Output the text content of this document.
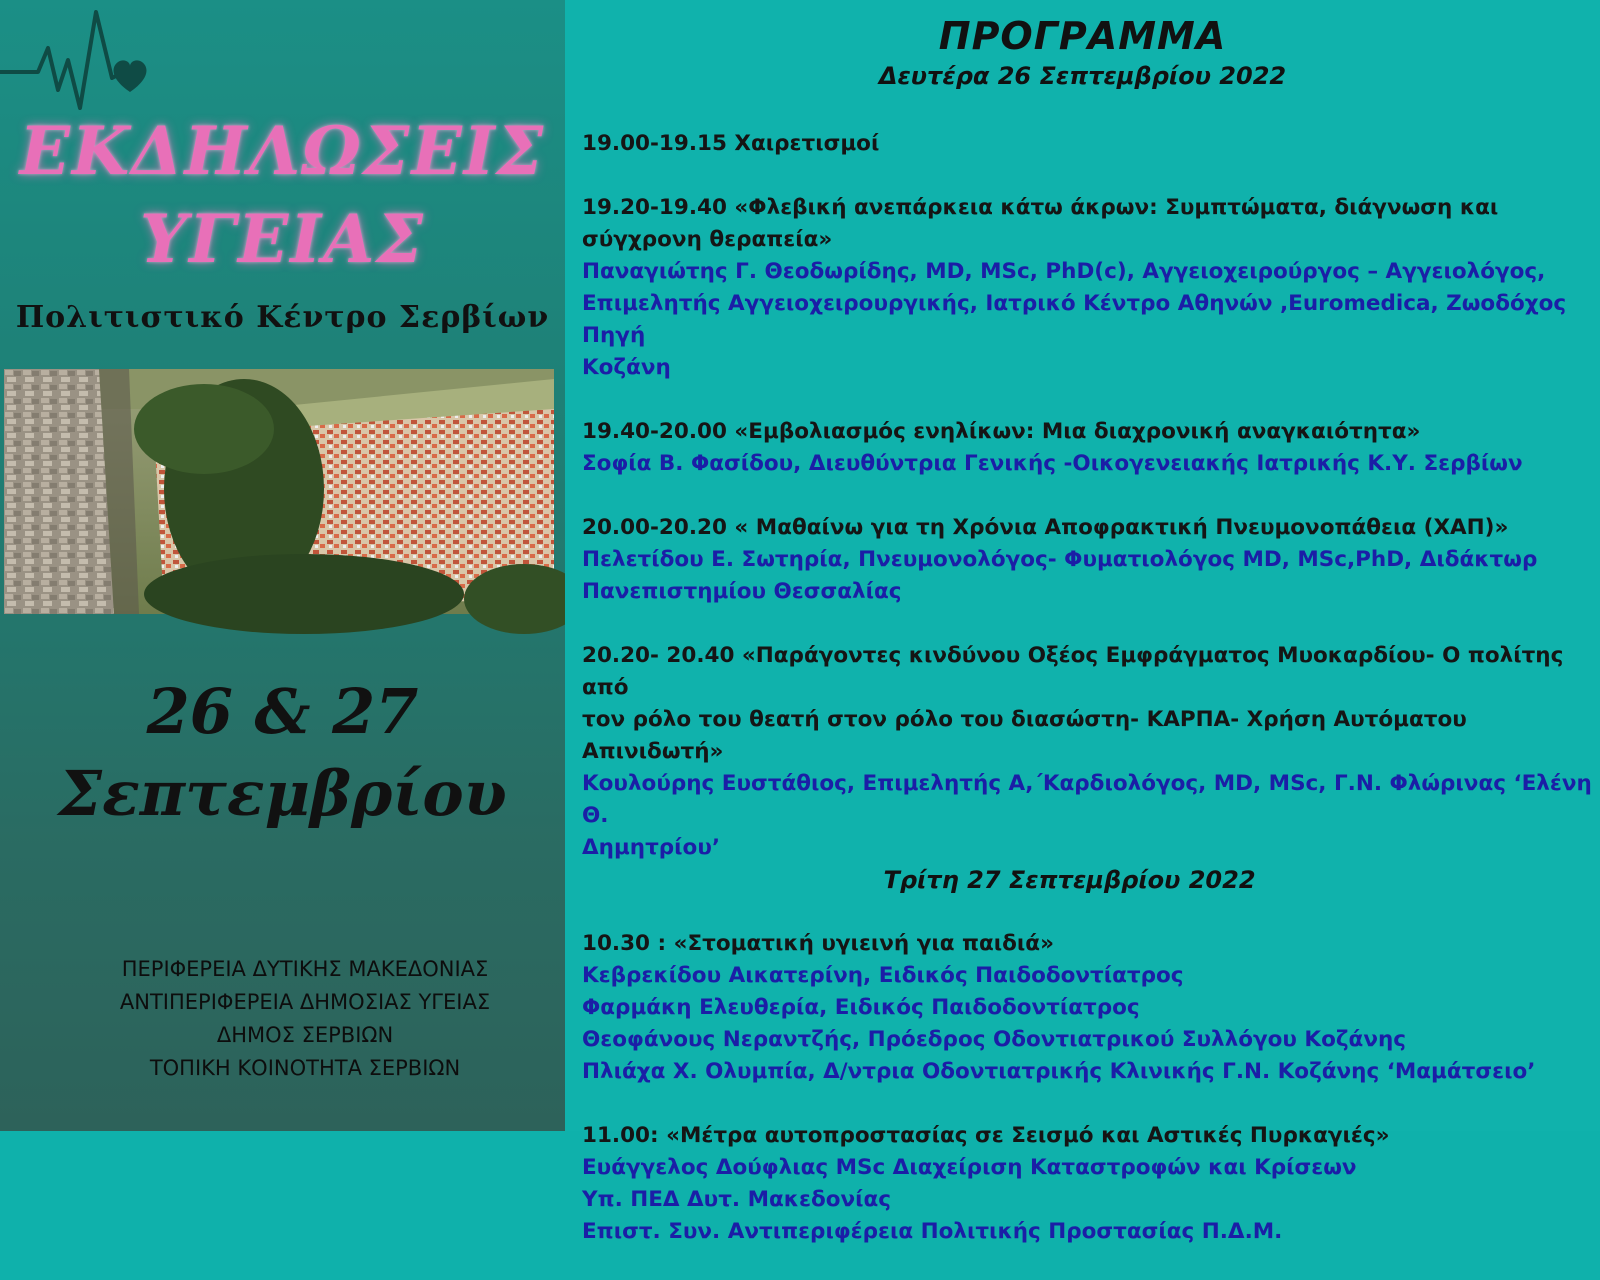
ΕΚΔΗΛΩΣΕΙΣ
ΥΓΕΙΑΣ
Πολιτιστικό Κέντρο Σερβίων
26 & 27
Σεπτεμβρίου
ΠΕΡΙΦΕΡΕΙΑ ΔΥΤΙΚΗΣ ΜΑΚΕΔΟΝΙΑΣ
ΑΝΤΙΠΕΡΙΦΕΡΕΙΑ ΔΗΜΟΣΙΑΣ ΥΓΕΙΑΣ
ΔΗΜΟΣ ΣΕΡΒΙΩΝ
ΤΟΠΙΚΗ ΚΟΙΝΟΤΗΤΑ ΣΕΡΒΙΩΝ
ΠΡΟΓΡΑΜΜΑ
Δευτέρα 26 Σεπτεμβρίου 2022
19.00-19.15 Χαιρετισμοί
19.20-19.40 «Φλεβική ανεπάρκεια κάτω άκρων: Συμπτώματα, διάγνωση και
σύγχρονη θεραπεία»
Παναγιώτης Γ. Θεοδωρίδης, MD, MSc, PhD(c), Αγγειοχειρούργος – Αγγειολόγος,
Επιμελητής Αγγειοχειρουργικής, Ιατρικό Κέντρο Αθηνών ,Euromedica, Ζωοδόχος Πηγή
Κοζάνη
19.40-20.00 «Εμβολιασμός ενηλίκων: Μια διαχρονική αναγκαιότητα»
Σοφία Β. Φασίδου, Διευθύντρια Γενικής -Οικογενειακής Ιατρικής Κ.Υ. Σερβίων
20.00-20.20 « Μαθαίνω για τη Χρόνια Αποφρακτική Πνευμονοπάθεια (ΧΑΠ)»
Πελετίδου Ε. Σωτηρία, Πνευμονολόγος- Φυματιολόγος MD, MSc,PhD, Διδάκτωρ
Πανεπιστημίου Θεσσαλίας
20.20- 20.40 «Παράγοντες κινδύνου Οξέος Εμφράγματος Μυοκαρδίου- Ο πολίτης από
τον ρόλο του θεατή στον ρόλο του διασώστη- ΚΑΡΠΑ- Χρήση Αυτόματου Απινιδωτή»
Κουλούρης Ευστάθιος, Επιμελητής Α,΄Καρδιολόγος, MD, MSc, Γ.Ν. Φλώρινας ‘Ελένη Θ.
Δημητρίου’
Τρίτη 27 Σεπτεμβρίου 2022
10.30 : «Στοματική υγιεινή για παιδιά»
Κεβρεκίδου Αικατερίνη, Ειδικός Παιδοδοντίατρος
Φαρμάκη Ελευθερία, Ειδικός Παιδοδοντίατρος
Θεοφάνους Νεραντζής, Πρόεδρος Οδοντιατρικού Συλλόγου Κοζάνης
Πλιάχα Χ. Ολυμπία, Δ/ντρια Οδοντιατρικής Κλινικής Γ.Ν. Κοζάνης ‘Μαμάτσειο’
11.00: «Μέτρα αυτοπροστασίας σε Σεισμό και Αστικές Πυρκαγιές»
Ευάγγελος Δούφλιας MSc Διαχείριση Καταστροφών και Κρίσεων
Υπ. ΠΕΔ Δυτ. Μακεδονίας
Επιστ. Συν. Αντιπεριφέρεια Πολιτικής Προστασίας Π.Δ.Μ.
